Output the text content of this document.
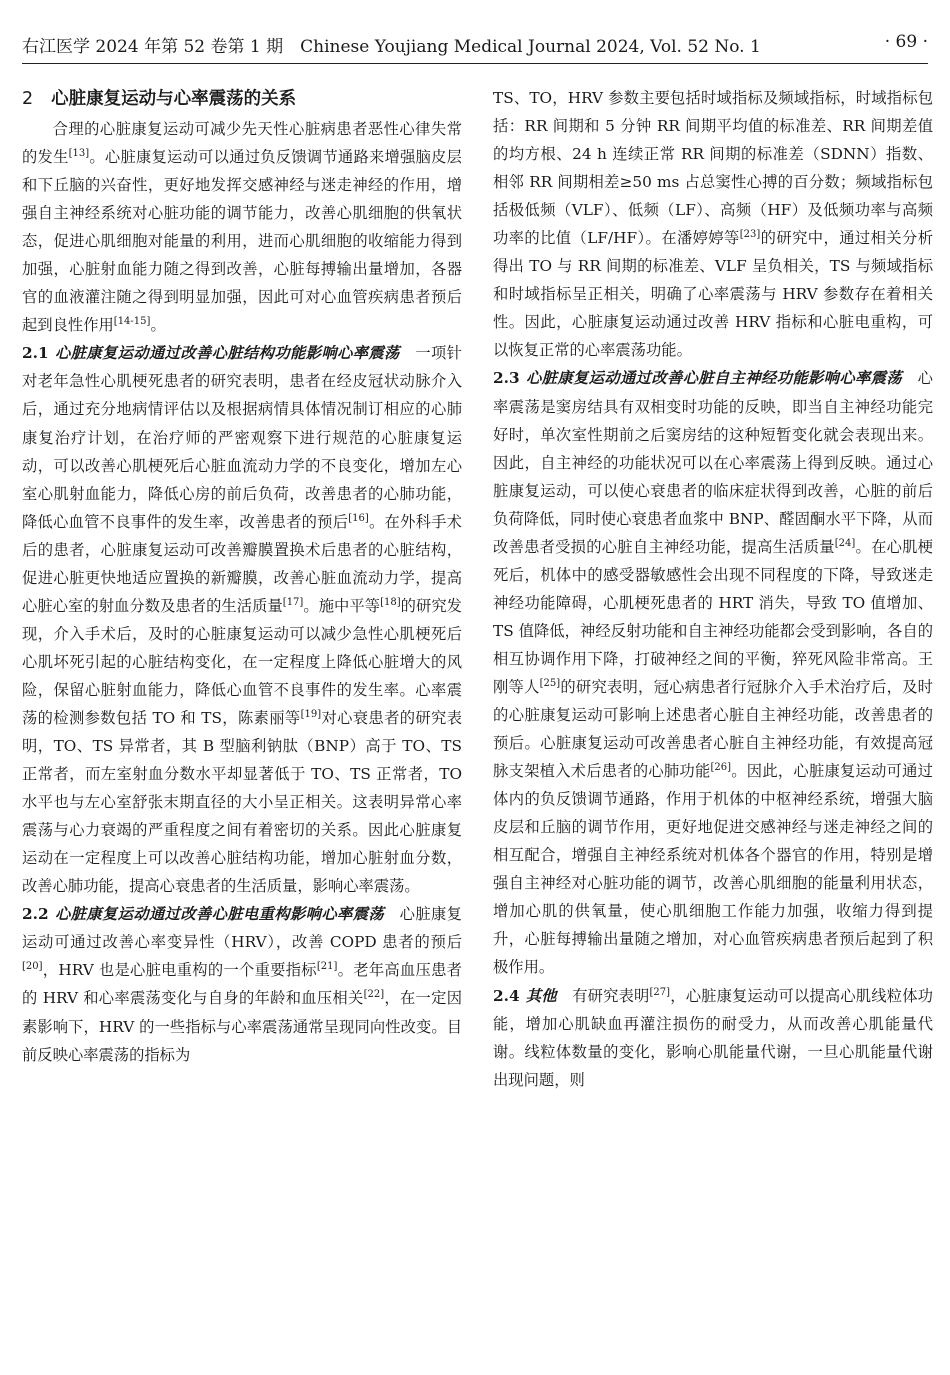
右江医学 2024 年第 52 卷第 1 期　Chinese Youjiang Medical Journal 2024, Vol. 52 No. 1	· 69 ·
2 心脏康复运动与心率震荡的关系

合理的心脏康复运动可减少先天性心脏病患者恶性心律失常的发生[13]。心脏康复运动可以通过负反馈调节通路来增强脑皮层和下丘脑的兴奋性，更好地发挥交感神经与迷走神经的作用，增强自主神经系统对心脏功能的调节能力，改善心肌细胞的供氧状态，促进心肌细胞对能量的利用，进而心肌细胞的收缩能力得到加强，心脏射血能力随之得到改善，心脏每搏输出量增加，各器官的血液灌注随之得到明显加强，因此可对心血管疾病患者预后起到良性作用[14-15]。

2.1 心脏康复运动通过改善心脏结构功能影响心率震荡　 一项针对老年急性心肌梗死患者的研究表明，患者在经皮冠状动脉介入后，通过充分地病情评估以及根据病情具体情况制订相应的心肺康复治疗计划，在治疗师的严密观察下进行规范的心脏康复运动，可以改善心肌梗死后心脏血流动力学的不良变化，增加左心室心肌射血能力，降低心房的前后负荷，改善患者的心肺功能，降低心血管不良事件的发生率，改善患者的预后[16]。在外科手术后的患者，心脏康复运动可改善瓣膜置换术后患者的心脏结构，促进心脏更快地适应置换的新瓣膜，改善心脏血流动力学，提高心脏心室的射血分数及患者的生活质量[17]。施中平等[18]的研究发现，介入手术后，及时的心脏康复运动可以减少急性心肌梗死后心肌坏死引起的心脏结构变化，在一定程度上降低心脏增大的风险，保留心脏射血能力，降低心血管不良事件的发生率。心率震荡的检测参数包括 TO 和 TS，陈素丽等[19]对心衰患者的研究表明，TO、TS 异常者，其 B 型脑利钠肽（BNP）高于 TO、TS 正常者，而左室射血分数水平却显著低于 TO、TS 正常者，TO 水平也与左心室舒张末期直径的大小呈正相关。这表明异常心率震荡与心力衰竭的严重程度之间有着密切的关系。因此心脏康复运动在一定程度上可以改善心脏结构功能，增加心脏射血分数，改善心肺功能，提高心衰患者的生活质量，影响心率震荡。

2.2 心脏康复运动通过改善心脏电重构影响心率震荡　 心脏康复运动可通过改善心率变异性（HRV），改善 COPD 患者的预后[20]，HRV 也是心脏电重构的一个重要指标[21]。老年高血压患者的 HRV 和心率震荡变化与自身的年龄和血压相关[22]，在一定因素影响下，HRV 的一些指标与心率震荡通常呈现同向性改变。目前反映心率震荡的指标为

TS、TO，HRV 参数主要包括时域指标及频域指标，时域指标包括：RR 间期和 5 分钟 RR 间期平均值的标准差、RR 间期差值的均方根、24 h 连续正常 RR 间期的标准差（SDNN）指数、相邻 RR 间期相差≥50 ms 占总窦性心搏的百分数；频域指标包括极低频（VLF）、低频（LF）、高频（HF）及低频功率与高频功率的比值（LF/HF）。在潘婷婷等[23]的研究中，通过相关分析得出 TO 与 RR 间期的标准差、VLF 呈负相关，TS 与频域指标和时域指标呈正相关，明确了心率震荡与 HRV 参数存在着相关性。因此，心脏康复运动通过改善 HRV 指标和心脏电重构，可以恢复正常的心率震荡功能。

2.3 心脏康复运动通过改善心脏自主神经功能影响心率震荡　 心率震荡是窦房结具有双相变时功能的反映，即当自主神经功能完好时，单次室性期前之后窦房结的这种短暂变化就会表现出来。因此，自主神经的功能状况可以在心率震荡上得到反映。通过心脏康复运动，可以使心衰患者的临床症状得到改善，心脏的前后负荷降低，同时使心衰患者血浆中 BNP、醛固酮水平下降，从而改善患者受损的心脏自主神经功能，提高生活质量[24]。在心肌梗死后，机体中的感受器敏感性会出现不同程度的下降，导致迷走神经功能障碍，心肌梗死患者的 HRT 消失，导致 TO 值增加、TS 值降低，神经反射功能和自主神经功能都会受到影响，各自的相互协调作用下降，打破神经之间的平衡，猝死风险非常高。王刚等人[25]的研究表明，冠心病患者行冠脉介入手术治疗后，及时的心脏康复运动可影响上述患者心脏自主神经功能，改善患者的预后。心脏康复运动可改善患者心脏自主神经功能，有效提高冠脉支架植入术后患者的心肺功能[26]。因此，心脏康复运动可通过体内的负反馈调节通路，作用于机体的中枢神经系统，增强大脑皮层和丘脑的调节作用，更好地促进交感神经与迷走神经之间的相互配合，增强自主神经系统对机体各个器官的作用，特别是增强自主神经对心脏功能的调节，改善心肌细胞的能量利用状态，增加心肌的供氧量，使心肌细胞工作能力加强，收缩力得到提升，心脏每搏输出量随之增加，对心血管疾病患者预后起到了积极作用。

2.4 其他　 有研究表明[27]，心脏康复运动可以提高心肌线粒体功能，增加心肌缺血再灌注损伤的耐受力，从而改善心肌能量代谢。线粒体数量的变化，影响心肌能量代谢，一旦心肌能量代谢出现问题，则
